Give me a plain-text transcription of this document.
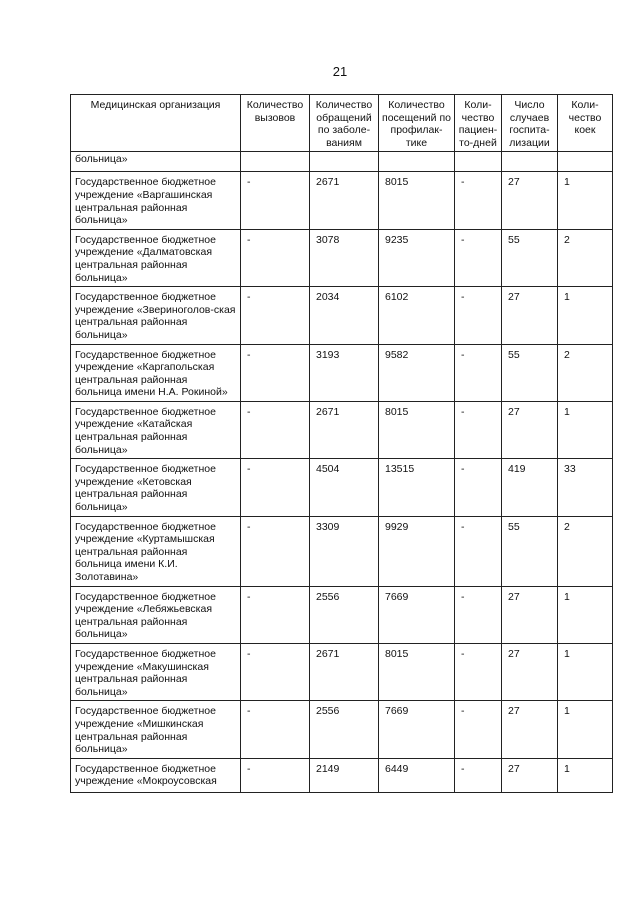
21
Медицинская организация	Количество вызовов	Количество обращений по заболе-ваниям	Количество посещений по профилак-тике	Коли-чество пациен-то-дней	Число случаев госпита-лизации	Коли-чество коек
больница»						
Государственное бюджетное учреждение «Варгашинская центральная районная больница»	-	2671	8015	-	27	1
Государственное бюджетное учреждение «Далматовская центральная районная больница»	-	3078	9235	-	55	2
Государственное бюджетное учреждение «Звериноголов-ская центральная районная больница»	-	2034	6102	-	27	1
Государственное бюджетное учреждение «Каргапольская центральная районная больница имени Н.А. Рокиной»	-	3193	9582	-	55	2
Государственное бюджетное учреждение «Катайская центральная районная больница»	-	2671	8015	-	27	1
Государственное бюджетное учреждение «Кетовская центральная районная больница»	-	4504	13515	-	419	33
Государственное бюджетное учреждение «Куртамышская центральная районная больница имени К.И. Золотавина»	-	3309	9929	-	55	2
Государственное бюджетное учреждение «Лебяжьевская центральная районная больница»	-	2556	7669	-	27	1
Государственное бюджетное учреждение «Макушинская центральная районная больница»	-	2671	8015	-	27	1
Государственное бюджетное учреждение «Мишкинская центральная районная больница»	-	2556	7669	-	27	1
Государственное бюджетное учреждение «Мокроусовская	-	2149	6449	-	27	1
